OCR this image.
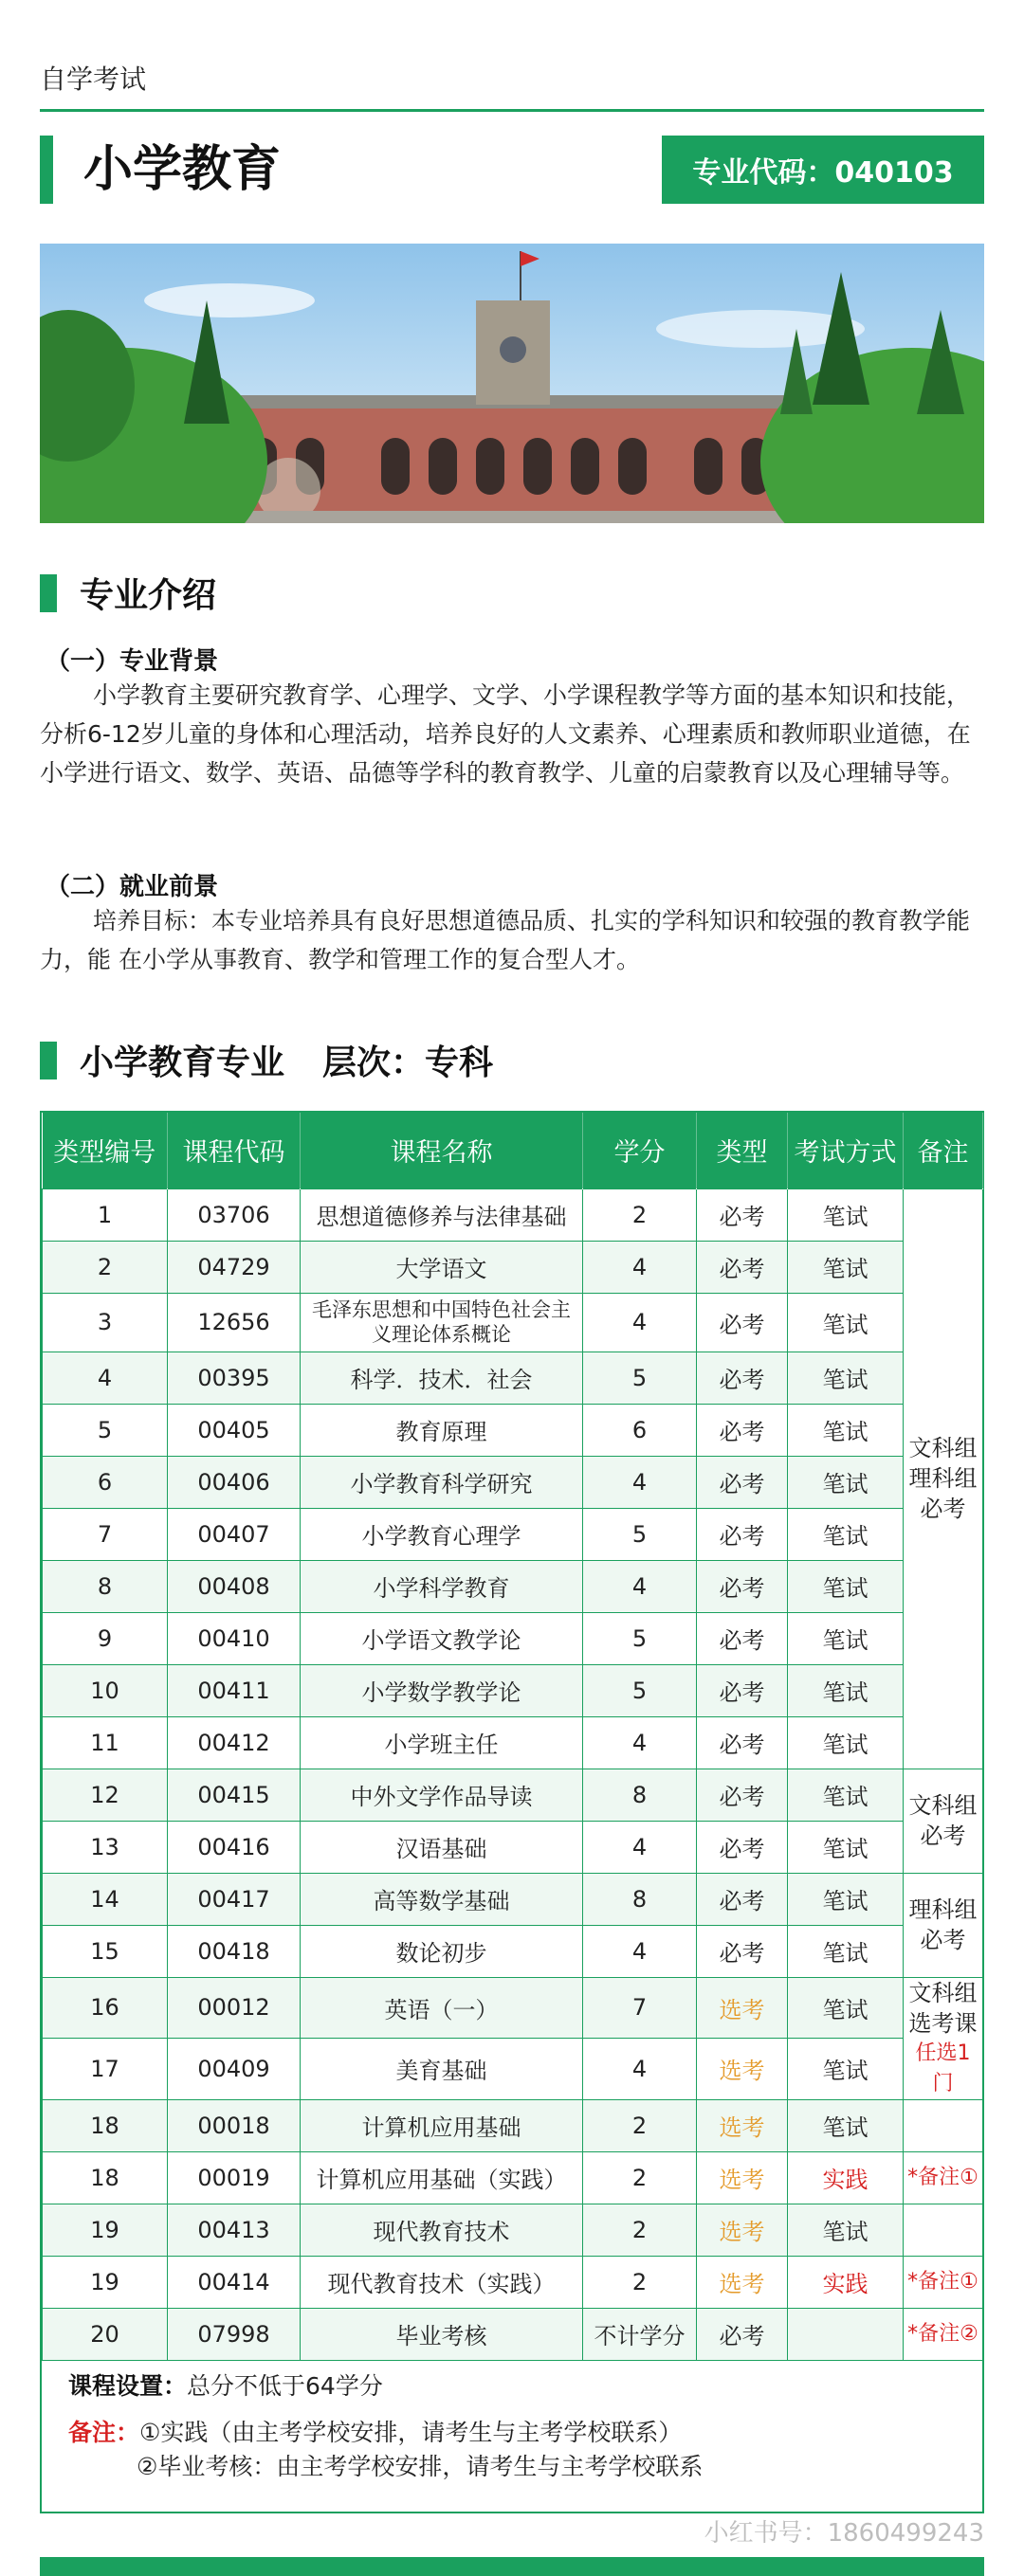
自学考试
小学教育	专业代码：040103
专业介绍
（一）专业背景
小学教育主要研究教育学、心理学、文学、小学课程教学等方面的基本知识和技能，分析6-12岁儿童的身体和心理活动，培养良好的人文素养、心理素质和教师职业道德，在小学进行语文、数学、英语、品德等学科的教育教学、儿童的启蒙教育以及心理辅导等。
（二）就业前景
培养目标：本专业培养具有良好思想道德品质、扎实的学科知识和较强的教育教学能力，能 在小学从事教育、教学和管理工作的复合型人才。
小学教育专业 层次：专科
类型编号	课程代码	课程名称	学分	类型	考试方式	备注
1	03706	思想道德修养与法律基础	2	必考	笔试	文科组
理科组
必考

2	04729	大学语文	4	必考	笔试	
3	12656	毛泽东思想和中国特色社会主义理论体系概论	4	必考	笔试	
4	00395	科学．技术．社会	5	必考	笔试	
5	00405	教育原理	6	必考	笔试	
6	00406	小学教育科学研究	4	必考	笔试	
7	00407	小学教育心理学	5	必考	笔试	
8	00408	小学科学教育	4	必考	笔试	
9	00410	小学语文教学论	5	必考	笔试	
10	00411	小学数学教学论	5	必考	笔试	
11	00412	小学班主任	4	必考	笔试	
12	00415	中外文学作品导读	8	必考	笔试	文科组
必考

13	00416	汉语基础	4	必考	笔试	
14	00417	高等数学基础	8	必考	笔试	理科组
必考

15	00418	数论初步	4	必考	笔试	
16	00012	英语（一）	7	选考	笔试	文科组
选考课
任选1门

17	00409	美育基础	4	选考	笔试	
18	00018	计算机应用基础	2	选考	笔试	
18	00019	计算机应用基础（实践）	2	选考	实践	*备注①

19	00413	现代教育技术	2	选考	笔试	
19	00414	现代教育技术（实践）	2	选考	实践	*备注①

20	07998	毕业考核	不计学分	必考		*备注②
课程设置：总分不低于64学分
备注：①实践（由主考学校安排，请考生与主考学校联系）
②毕业考核：由主考学校安排，请考生与主考学校联系
小红书号：1860499243
